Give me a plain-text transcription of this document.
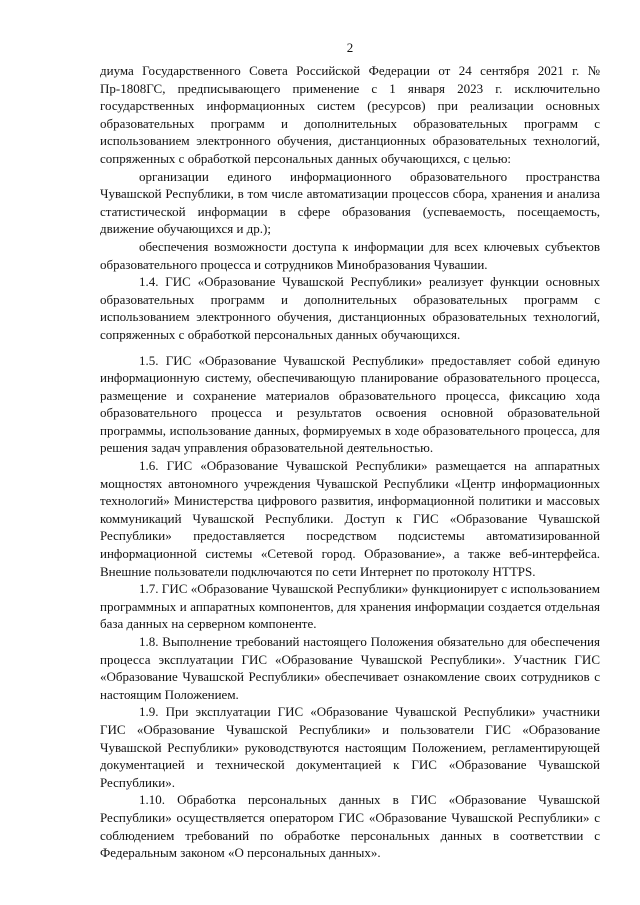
2

диума Государственного Совета Российской Федерации от 24 сентября 2021 г. № Пр-1808ГС, предписывающего применение с 1 января 2023 г. исключительно государственных информационных систем (ресурсов) при реализации основных образовательных программ и дополнительных образовательных программ с использованием электронного обучения, дистанционных образовательных технологий, сопряженных с обработкой персональных данных обучающихся, с целью:

организации единого информационного образовательного пространства Чувашской Республики, в том числе автоматизации процессов сбора, хранения и анализа статистической информации в сфере образования (успеваемость, посещаемость, движение обучающихся и др.);

обеспечения возможности доступа к информации для всех ключевых субъектов образовательного процесса и сотрудников Минобразования Чувашии.

1.4. ГИС «Образование Чувашской Республики» реализует функции основных образовательных программ и дополнительных образовательных программ с использованием электронного обучения, дистанционных образовательных технологий, сопряженных с обработкой персональных данных обучающихся.

1.5. ГИС «Образование Чувашской Республики» предоставляет собой единую информационную систему, обеспечивающую планирование образовательного процесса, размещение и сохранение материалов образовательного процесса, фиксацию хода образовательного процесса и результатов освоения основной образовательной программы, использование данных, формируемых в ходе образовательного процесса, для решения задач управления образовательной деятельностью.

1.6. ГИС «Образование Чувашской Республики» размещается на аппаратных мощностях автономного учреждения Чувашской Республики «Центр информационных технологий» Министерства цифрового развития, информационной политики и массовых коммуникаций Чувашской Республики. Доступ к ГИС «Образование Чувашской Республики» предоставляется посредством подсистемы автоматизированной информационной системы «Сетевой город. Образование», а также веб-интерфейса. Внешние пользователи подключаются по сети Интернет по протоколу HTTPS.

1.7. ГИС «Образование Чувашской Республики» функционирует с использованием программных и аппаратных компонентов, для хранения информации создается отдельная база данных на серверном компоненте.

1.8. Выполнение требований настоящего Положения обязательно для обеспечения процесса эксплуатации ГИС «Образование Чувашской Республики». Участник ГИС «Образование Чувашской Республики» обеспечивает ознакомление своих сотрудников с настоящим Положением.

1.9. При эксплуатации ГИС «Образование Чувашской Республики» участники ГИС «Образование Чувашской Республики» и пользователи ГИС «Образование Чувашской Республики» руководствуются настоящим Положением, регламентирующей документацией и технической документацией к ГИС «Образование Чувашской Республики».

1.10. Обработка персональных данных в ГИС «Образование Чувашской Республики» осуществляется оператором ГИС «Образование Чувашской Республики» с соблюдением требований по обработке персональных данных в соответствии с Федеральным законом «О персональных данных».
